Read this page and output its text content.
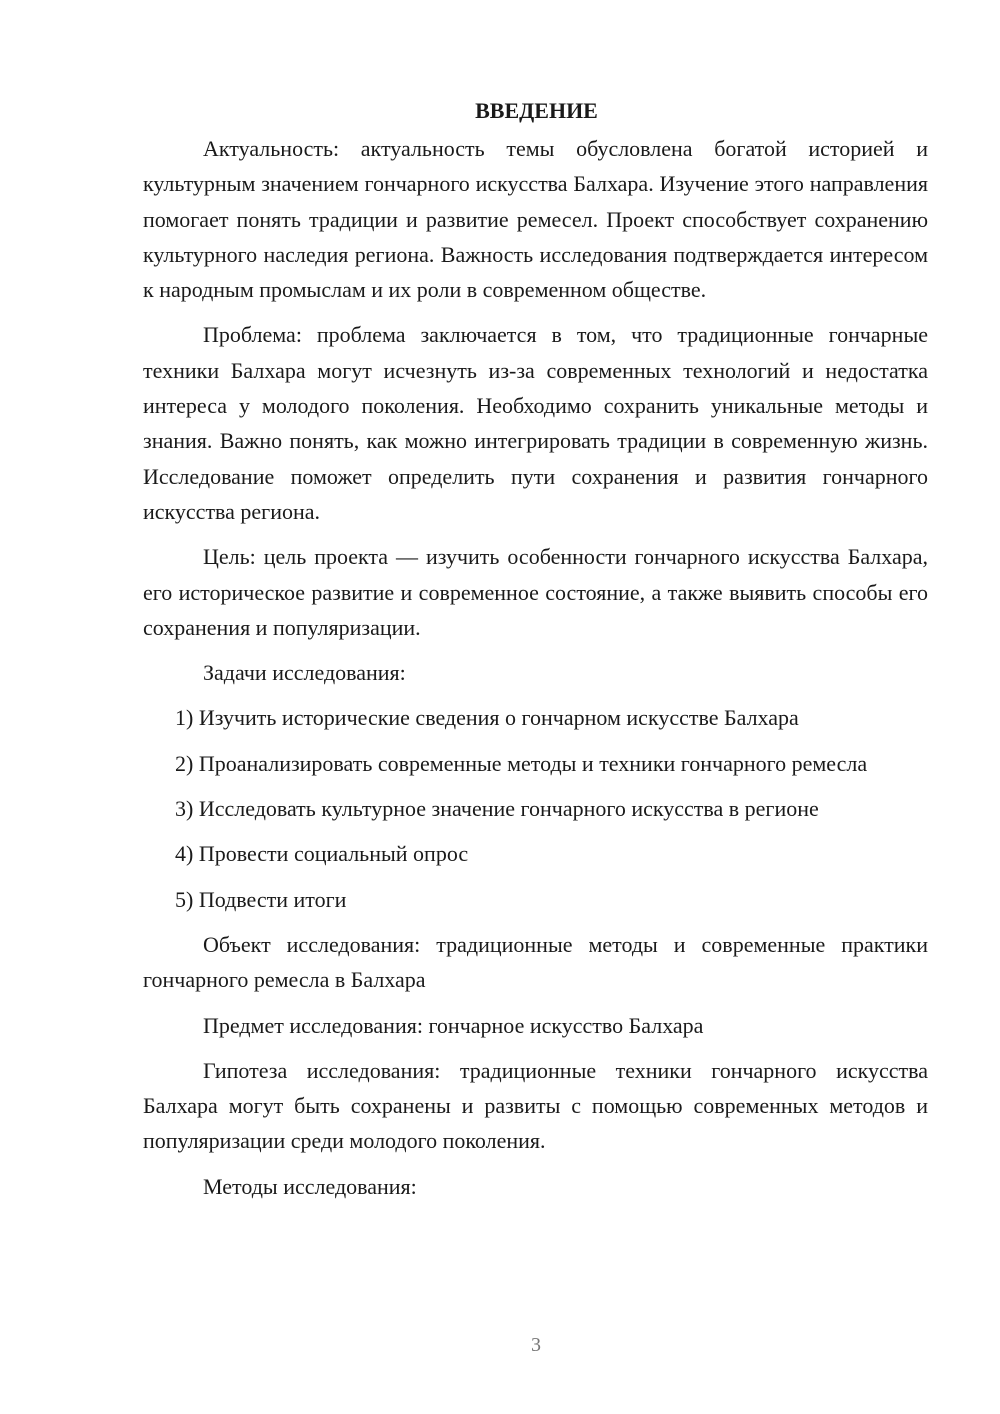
ВВЕДЕНИЕ

Актуальность: актуальность темы обусловлена богатой историей и культурным значением гончарного искусства Балхара. Изучение этого направления помогает понять традиции и развитие ремесел. Проект способствует сохранению культурного наследия региона. Важность исследования подтверждается интересом к народным промыслам и их роли в современном обществе.

Проблема: проблема заключается в том, что традиционные гончарные техники Балхара могут исчезнуть из-за современных технологий и недостатка интереса у молодого поколения. Необходимо сохранить уникальные методы и знания. Важно понять, как можно интегрировать традиции в современную жизнь. Исследование поможет определить пути сохранения и развития гончарного искусства региона.

Цель: цель проекта — изучить особенности гончарного искусства Балхара, его историческое развитие и современное состояние, а также выявить способы его сохранения и популяризации.

Задачи исследования:

1) Изучить исторические сведения о гончарном искусстве Балхара

2) Проанализировать современные методы и техники гончарного ремесла

3) Исследовать культурное значение гончарного искусства в регионе

4) Провести социальный опрос

5) Подвести итоги

Объект исследования: традиционные методы и современные практики гончарного ремесла в Балхара

Предмет исследования: гончарное искусство Балхара

Гипотеза исследования: традиционные техники гончарного искусства Балхара могут быть сохранены и развиты с помощью современных методов и популяризации среди молодого поколения.

Методы исследования:

3
